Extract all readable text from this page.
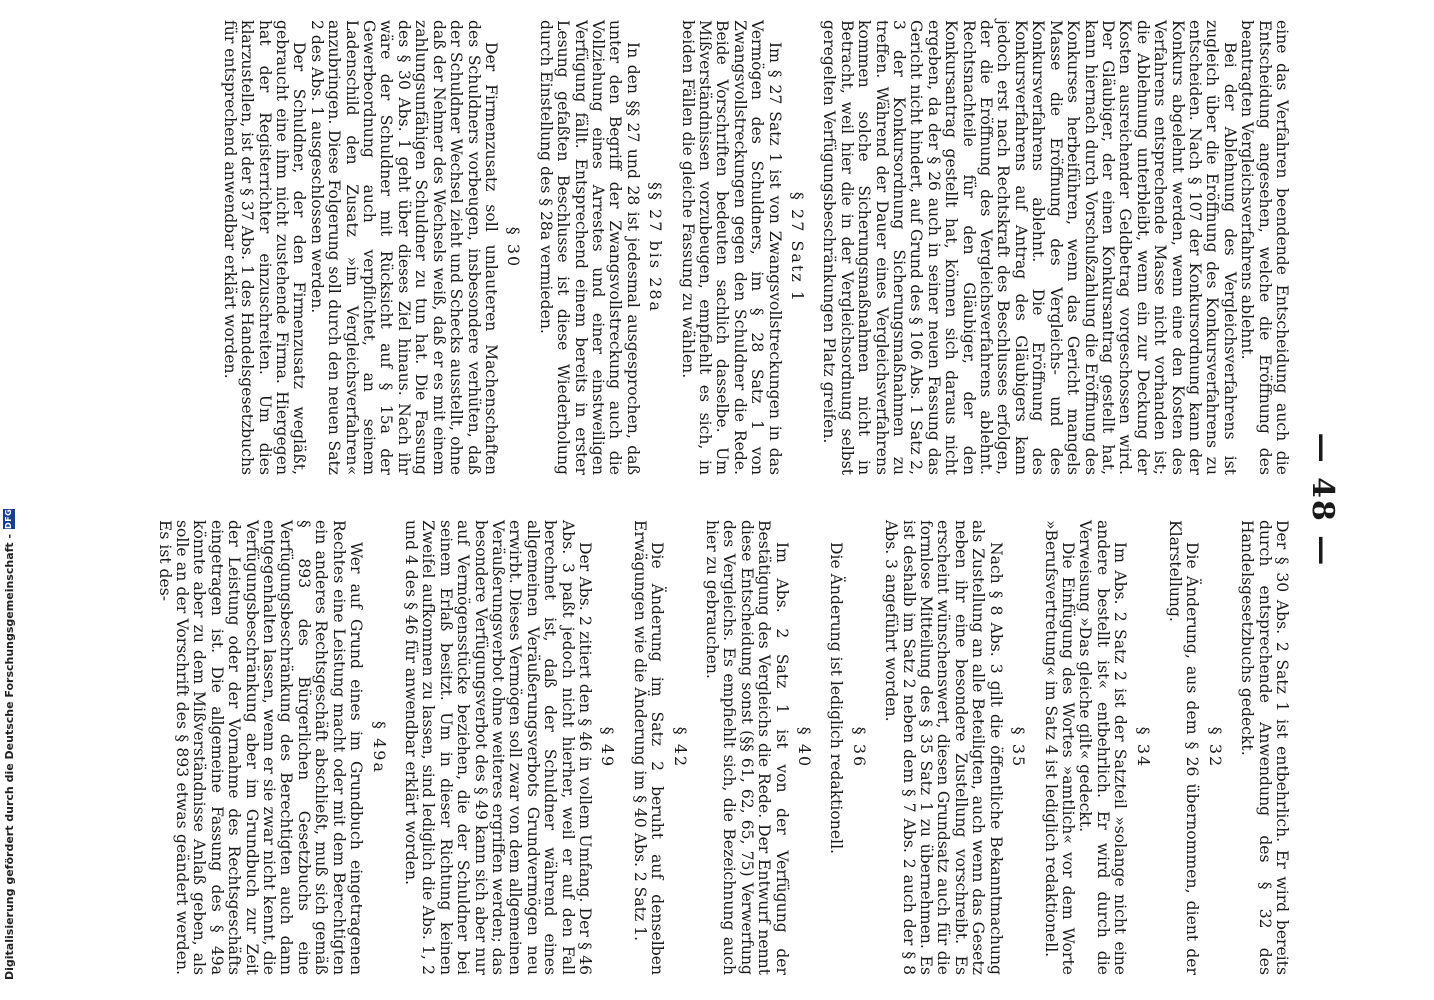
Digitalisierung gefördert durch die Deutsche Forschungsgemeinschaft -
DFG	— 48 —

eine das Verfahren beendende Entscheidung auch die Entscheidung angesehen, welche die Eröffnung des beantragten Vergleichsverfahrens ablehnt.

Bei der Ablehnung des Vergleichsverfahrens ist zugleich über die Eröffnung des Konkursverfahrens zu entscheiden. Nach § 107 der Konkursordnung kann der Konkurs abgelehnt werden, wenn eine den Kosten des Verfahrens entsprechende Masse nicht vorhanden ist; die Ablehnung unterbleibt, wenn ein zur Deckung der Kosten ausreichender Geldbetrag vorgeschossen wird. Der Gläubiger, der einen Konkursantrag gestellt hat, kann hiernach durch Vorschußzahlung die Eröffnung des Konkurses herbeiführen, wenn das Gericht mangels Masse die Eröffnung des Vergleichs- und des Konkursverfahrens ablehnt. Die Eröffnung des Konkursverfahrens auf Antrag des Gläubigers kann jedoch erst nach Rechtskraft des Beschlusses erfolgen, der die Eröffnung des Vergleichsverfahrens ablehnt. Rechtsnachteile für den Gläubiger, der den Konkursantrag gestellt hat, können sich daraus nicht ergeben, da der § 26 auch in seiner neuen Fassung das Gericht nicht hindert, auf Grund des § 106 Abs. 1 Satz 2, 3 der Konkursordnung Sicherungsmaßnahmen zu treffen. Während der Dauer eines Vergleichsverfahrens kommen solche Sicherungsmaßnahmen nicht in Betracht, weil hier die in der Vergleichsordnung selbst geregelten Verfügungsbeschränkungen Platz greifen.

§ 27 Satz 1

Im § 27 Satz 1 ist von Zwangsvollstreckungen in das Vermögen des Schuldners, im § 28 Satz 1 von Zwangsvollstreckungen gegen den Schuldner die Rede. Beide Vorschriften bedeuten sachlich dasselbe. Um Mißverständnissen vorzubeugen, empfiehlt es sich, in beiden Fällen die gleiche Fassung zu wählen.

§§ 27 bis 28a

In den §§ 27 und 28 ist jedesmal ausgesprochen, daß unter den Begriff der Zwangsvollstreckung auch die Vollziehung eines Arrestes und einer einstweiligen Verfügung fällt. Entsprechend einem bereits in erster Lesung gefaßten Beschlusse ist diese Wiederholung durch Einstellung des § 28a vermieden.

§ 30

Der Firmenzusatz soll unlauteren Machenschaften des Schuldners vorbeugen, insbesondere verhüten, daß der Schuldner Wechsel zieht und Schecks ausstellt, ohne daß der Nehmer des Wechsels weiß, daß er es mit einem zahlungsunfähigen Schuldner zu tun hat. Die Fassung des § 30 Abs. 1 geht über dieses Ziel hinaus. Nach ihr wäre der Schuldner mit Rücksicht auf § 15a der Gewerbeordnung auch verpflichtet, an seinem Ladenschild den Zusatz »im Vergleichsverfahren« anzubringen. Diese Folgerung soll durch den neuen Satz 2 des Abs. 1 ausgeschlossen werden.

Der Schuldner, der den Firmenzusatz wegläßt, gebraucht eine ihm nicht zustehende Firma. Hiergegen hat der Registerrichter einzuschreiten. Um dies klarzustellen, ist der § 37 Abs. 1 des Handelsgesetzbuchs für entsprechend anwendbar erklärt worden.

Der § 30 Abs. 2 Satz 1 ist entbehrlich. Er wird bereits durch entsprechende Anwendung des § 32 des Handelsgesetzbuchs gedeckt.

§ 32

Die Änderung, aus dem § 26 übernommen, dient der Klarstellung.

§ 34

Im Abs. 2 Satz 2 ist der Satzteil »solange nicht eine andere bestellt ist« entbehrlich. Er wird durch die Verweisung »Das gleiche gilt« gedeckt.

Die Einfügung des Wortes »amtlich« vor dem Worte »Berufsvertretung« im Satz 4 ist lediglich redaktionell.

§ 35

Nach § 8 Abs. 3 gilt die öffentliche Bekanntmachung als Zustellung an alle Beteiligten, auch wenn das Gesetz neben ihr eine besondere Zustellung vorschreibt. Es erscheint wünschenswert, diesen Grundsatz auch für die formlose Mitteilung des § 35 Satz 1 zu übernehmen. Es ist deshalb im Satz 2 neben dem § 7 Abs. 2 auch der § 8 Abs. 3 angeführt worden.

§ 36

Die Änderung ist lediglich redaktionell.

§ 40

Im Abs. 2 Satz 1 ist von der Verfügung der Bestätigung des Vergleichs die Rede. Der Entwurf nennt diese Entscheidung sonst (§§ 61, 62, 65, 75) Verwerfung des Vergleichs. Es empfiehlt sich, die Bezeichnung auch hier zu gebrauchen.

§ 42

Die Änderung im Satz 2 beruht auf denselben Erwägungen wie die Änderung im § 40 Abs. 2 Satz 1.

§ 49

Der Abs. 2 zitiert den § 46 in vollem Umfang. Der § 46 Abs. 3 paßt jedoch nicht hierher, weil er auf den Fall berechnet ist, daß der Schuldner während eines allgemeinen Veräußerungsverbots Grundvermögen neu erwirbt. Dieses Vermögen soll zwar von dem allgemeinen Veräußerungsverbot ohne weiteres ergriffen werden; das besondere Verfügungsverbot des § 49 kann sich aber nur auf Vermögensstücke beziehen, die der Schuldner bei seinem Erlaß besitzt. Um in dieser Richtung keinen Zweifel aufkommen zu lassen, sind lediglich die Abs. 1, 2 und 4 des § 46 für anwendbar erklärt worden.

§ 49a

Wer auf Grund eines im Grundbuch eingetragenen Rechtes eine Leistung macht oder mit dem Berechtigten ein anderes Rechtsgeschäft abschließt, muß sich gemäß § 893 des Bürgerlichen Gesetzbuchs eine Verfügungsbeschränkung des Berechtigten auch dann entgegenhalten lassen, wenn er sie zwar nicht kennt, die Verfügungsbeschränkung aber im Grundbuch zur Zeit der Leistung oder der Vornahme des Rechtsgeschäfts eingetragen ist. Die allgemeine Fassung des § 49a könnte aber zu dem Mißverständnisse Anlaß geben, als solle an der Vorschrift des § 893 etwas geändert werden. Es ist des-
